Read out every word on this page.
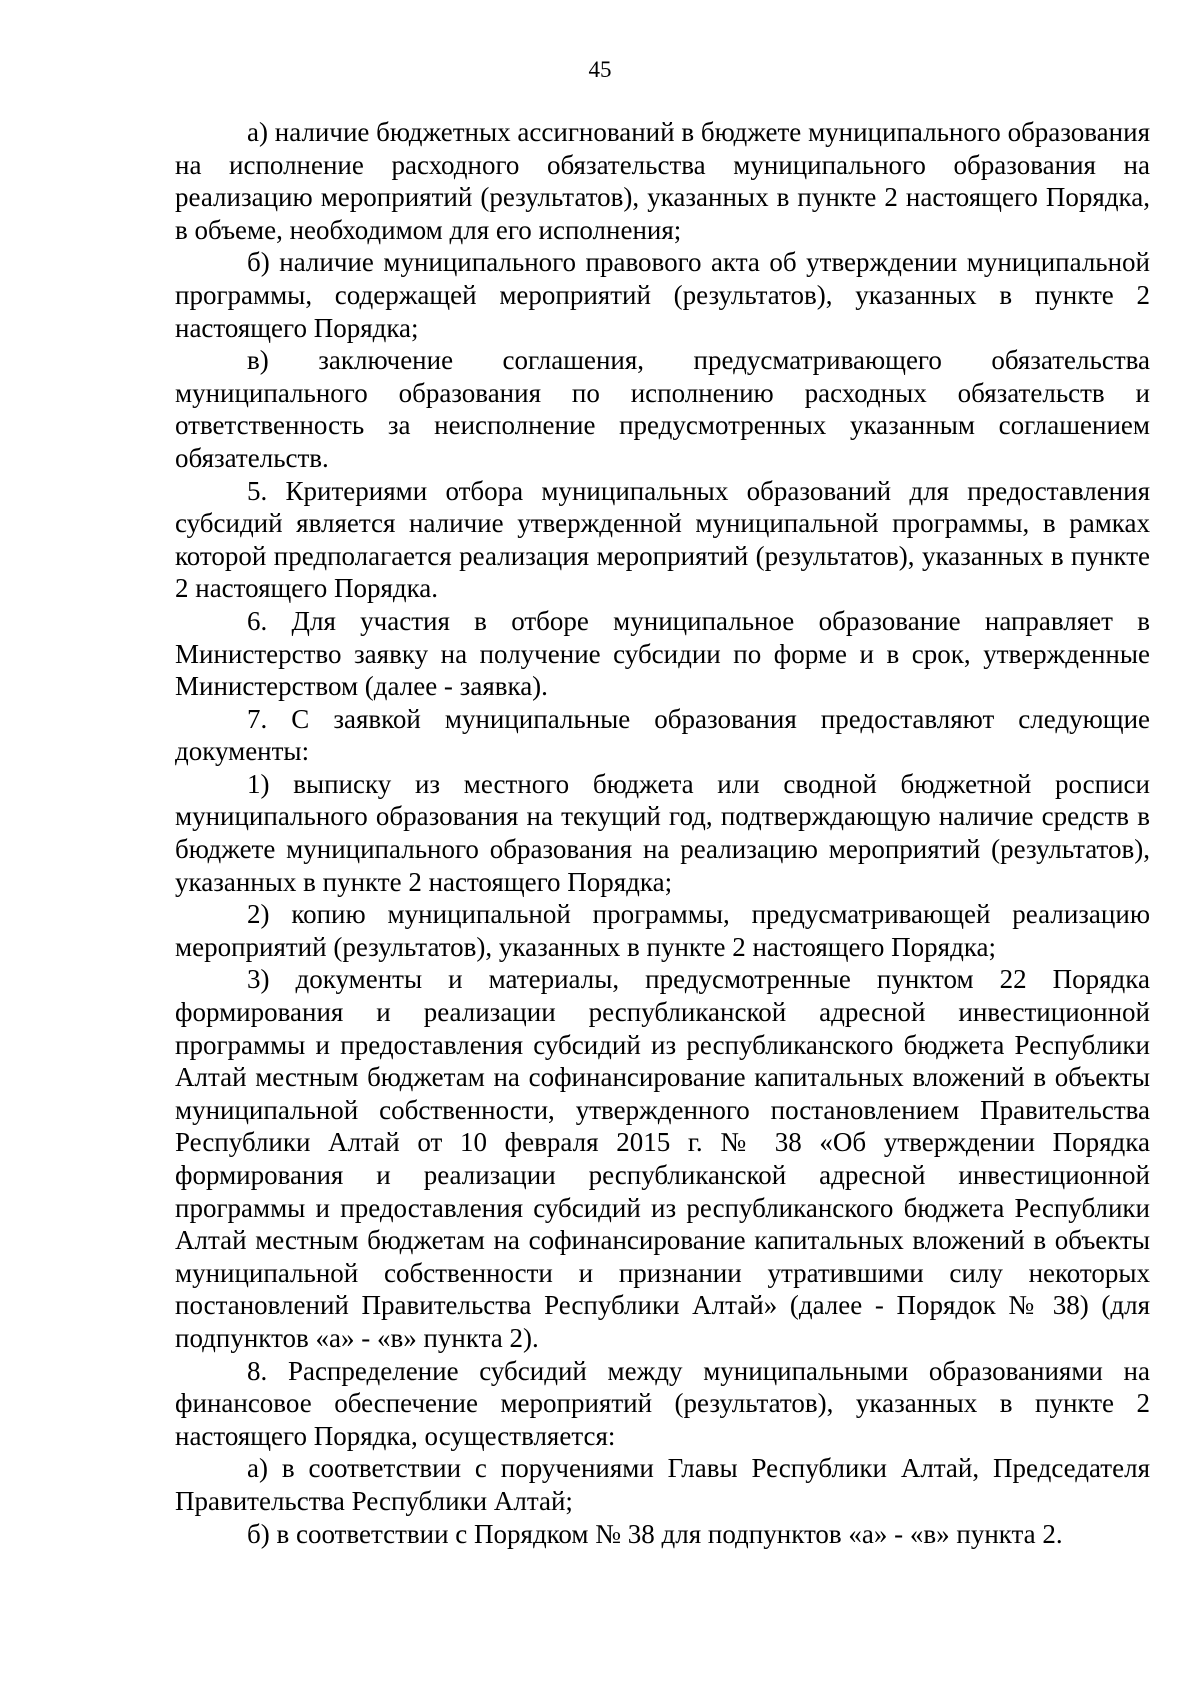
45

а) наличие бюджетных ассигнований в бюджете муниципального образования на исполнение расходного обязательства муниципального образования на реализацию мероприятий (результатов), указанных в пункте 2 настоящего Порядка, в объеме, необходимом для его исполнения;

б) наличие муниципального правового акта об утверждении муниципальной программы, содержащей мероприятий (результатов), указанных в пункте 2 настоящего Порядка;

в) заключение соглашения, предусматривающего обязательства муниципального образования по исполнению расходных обязательств и ответственность за неисполнение предусмотренных указанным соглашением обязательств.

5. Критериями отбора муниципальных образований для предоставления субсидий является наличие утвержденной муниципальной программы, в рамках которой предполагается реализация мероприятий (результатов), указанных в пункте 2 настоящего Порядка.

6. Для участия в отборе муниципальное образование направляет в Министерство заявку на получение субсидии по форме и в срок, утвержденные Министерством (далее - заявка).

7. С заявкой муниципальные образования предоставляют следующие документы:

1) выписку из местного бюджета или сводной бюджетной росписи муниципального образования на текущий год, подтверждающую наличие средств в бюджете муниципального образования на реализацию мероприятий (результатов), указанных в пункте 2 настоящего Порядка;

2) копию муниципальной программы, предусматривающей реализацию мероприятий (результатов), указанных в пункте 2 настоящего Порядка;

3) документы и материалы, предусмотренные пунктом 22 Порядка формирования и реализации республиканской адресной инвестиционной программы и предоставления субсидий из республиканского бюджета Республики Алтай местным бюджетам на софинансирование капитальных вложений в объекты муниципальной собственности, утвержденного постановлением Правительства Республики Алтай от 10 февраля 2015 г. № 38 «Об утверждении Порядка формирования и реализации республиканской адресной инвестиционной программы и предоставления субсидий из республиканского бюджета Республики Алтай местным бюджетам на софинансирование капитальных вложений в объекты муниципальной собственности и признании утратившими силу некоторых постановлений Правительства Республики Алтай» (далее - Порядок № 38) (для подпунктов «а» - «в» пункта 2).

8. Распределение субсидий между муниципальными образованиями на финансовое обеспечение мероприятий (результатов), указанных в пункте 2 настоящего Порядка, осуществляется:

а) в соответствии с поручениями Главы Республики Алтай, Председателя Правительства Республики Алтай;

б) в соответствии с Порядком № 38 для подпунктов «а» - «в» пункта 2.
